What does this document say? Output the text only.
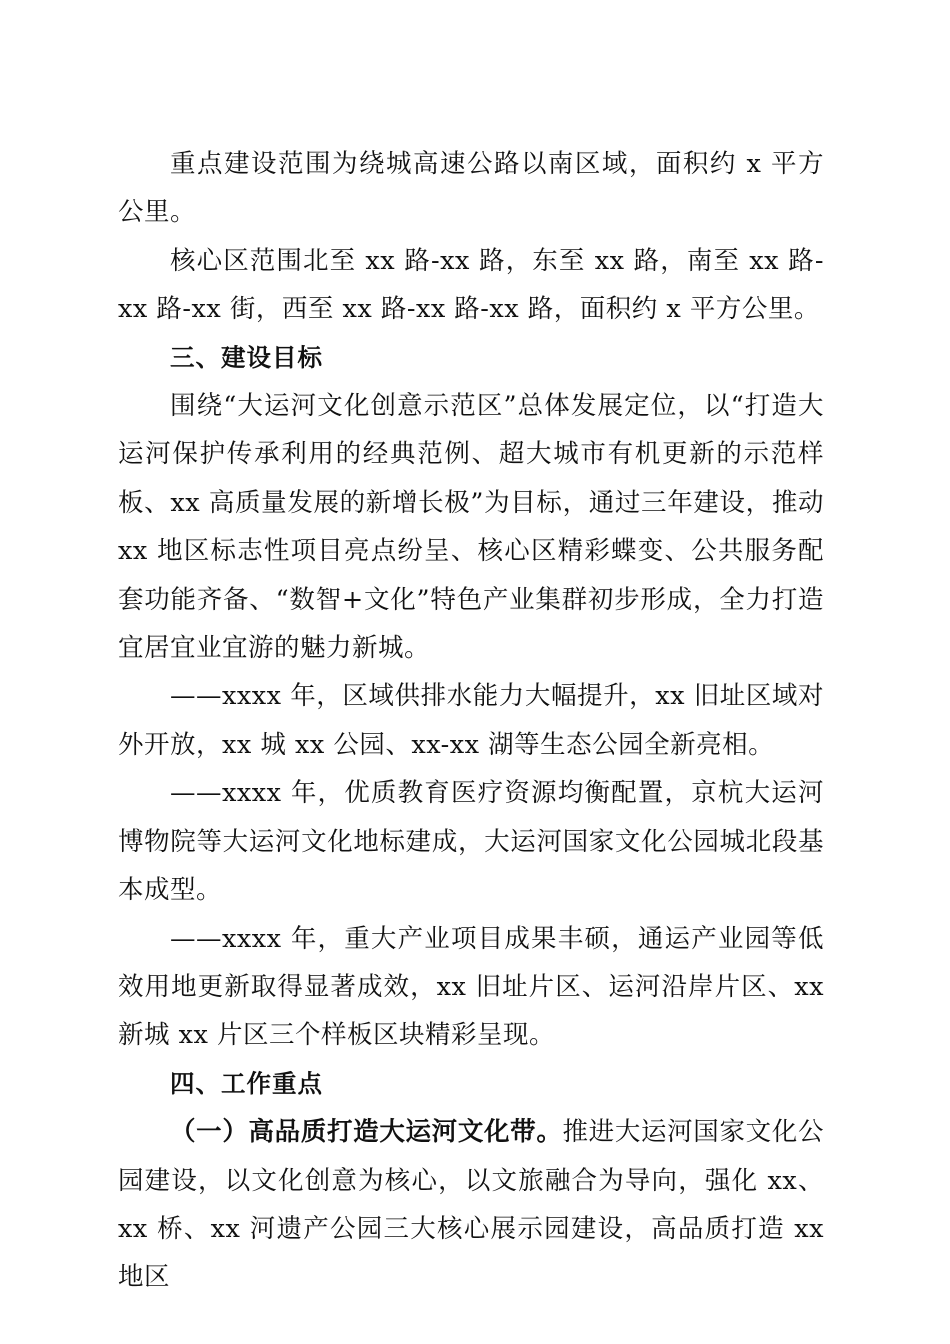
重点建设范围为绕城高速公路以南区域，面积约 x 平方公里。

核心区范围北至 xx 路-xx 路，东至 xx 路，南至 xx 路-xx 路-xx 街，西至 xx 路-xx 路-xx 路，面积约 x 平方公里。

三、建设目标

围绕“大运河文化创意示范区”总体发展定位，以“打造大运河保护传承利用的经典范例、超大城市有机更新的示范样板、xx 高质量发展的新增长极”为目标，通过三年建设，推动 xx 地区标志性项目亮点纷呈、核心区精彩蝶变、公共服务配套功能齐备、“数智+文化”特色产业集群初步形成，全力打造宜居宜业宜游的魅力新城。

——xxxx 年，区域供排水能力大幅提升，xx 旧址区域对外开放，xx 城 xx 公园、xx-xx 湖等生态公园全新亮相。

——xxxx 年，优质教育医疗资源均衡配置，京杭大运河博物院等大运河文化地标建成，大运河国家文化公园城北段基本成型。

——xxxx 年，重大产业项目成果丰硕，通运产业园等低效用地更新取得显著成效，xx 旧址片区、运河沿岸片区、xx 新城 xx 片区三个样板区块精彩呈现。

四、工作重点

（一）高品质打造大运河文化带。推进大运河国家文化公园建设，以文化创意为核心，以文旅融合为导向，强化 xx、xx 桥、xx 河遗产公园三大核心展示园建设，高品质打造 xx 地区
